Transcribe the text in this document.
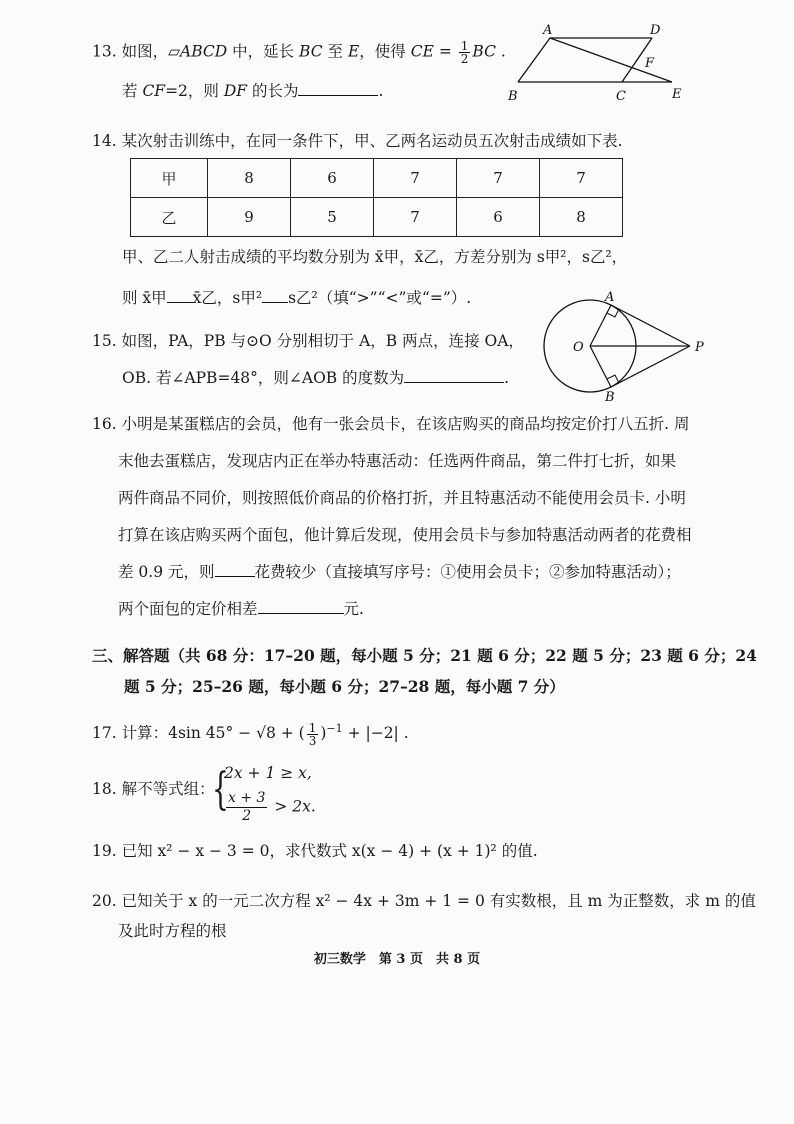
13. 如图，▱ABCD 中，延长 BC 至 E，使得 CE = $\frac{1}{2}$ BC .
若 CF=2，则 DF 的长为	.
A	D
F
B	C	E
14. 某次射击训练中，在同一条件下，甲、乙两名运动员五次射击成绩如下表.
甲	8	6	7	7	7
乙	9	5	7	6	8
甲、乙二人射击成绩的平均数分别为 x̄甲，x̄乙，方差分别为 s甲²，s乙²，
则 x̄甲 x̄乙，s甲² s乙²（填“>”“<”或“=”）.
15. 如图，PA，PB 与⊙O 分别相切于 A，B 两点，连接 OA，
OB. 若∠APB=48°，则∠AOB 的度数为	.
A
O	P
B
16. 小明是某蛋糕店的会员，他有一张会员卡，在该店购买的商品均按定价打八五折. 周
末他去蛋糕店，发现店内正在举办特惠活动：任选两件商品，第二件打七折，如果
两件商品不同价，则按照低价商品的价格打折，并且特惠活动不能使用会员卡. 小明
打算在该店购买两个面包，他计算后发现，使用会员卡与参加特惠活动两者的花费相
差 0.9 元，则	花费较少（直接填写序号：①使用会员卡；②参加特惠活动）；
两个面包的定价相差	元.
三、解答题（共 68 分：17–20 题，每小题 5 分；21 题 6 分；22 题 5 分；23 题 6 分；24
题 5 分；25–26 题，每小题 6 分；27–28 题，每小题 7 分）
17. 计算：4sin 45° − √8 + ( $\frac{1}{3} )^{-1} + |-2|$ .
18. 解不等式组：
{
2x + 1 ≥ x,
$\frac{x + 3}{2} > 2x$.
19. 已知 x² − x − 3 = 0，求代数式 x(x − 4) + (x + 1)² 的值.
20. 已知关于 x 的一元二次方程 x² − 4x + 3m + 1 = 0 有实数根，且 m 为正整数，求 m 的值
及此时方程的根
初三数学　第 3 页　共 8 页
